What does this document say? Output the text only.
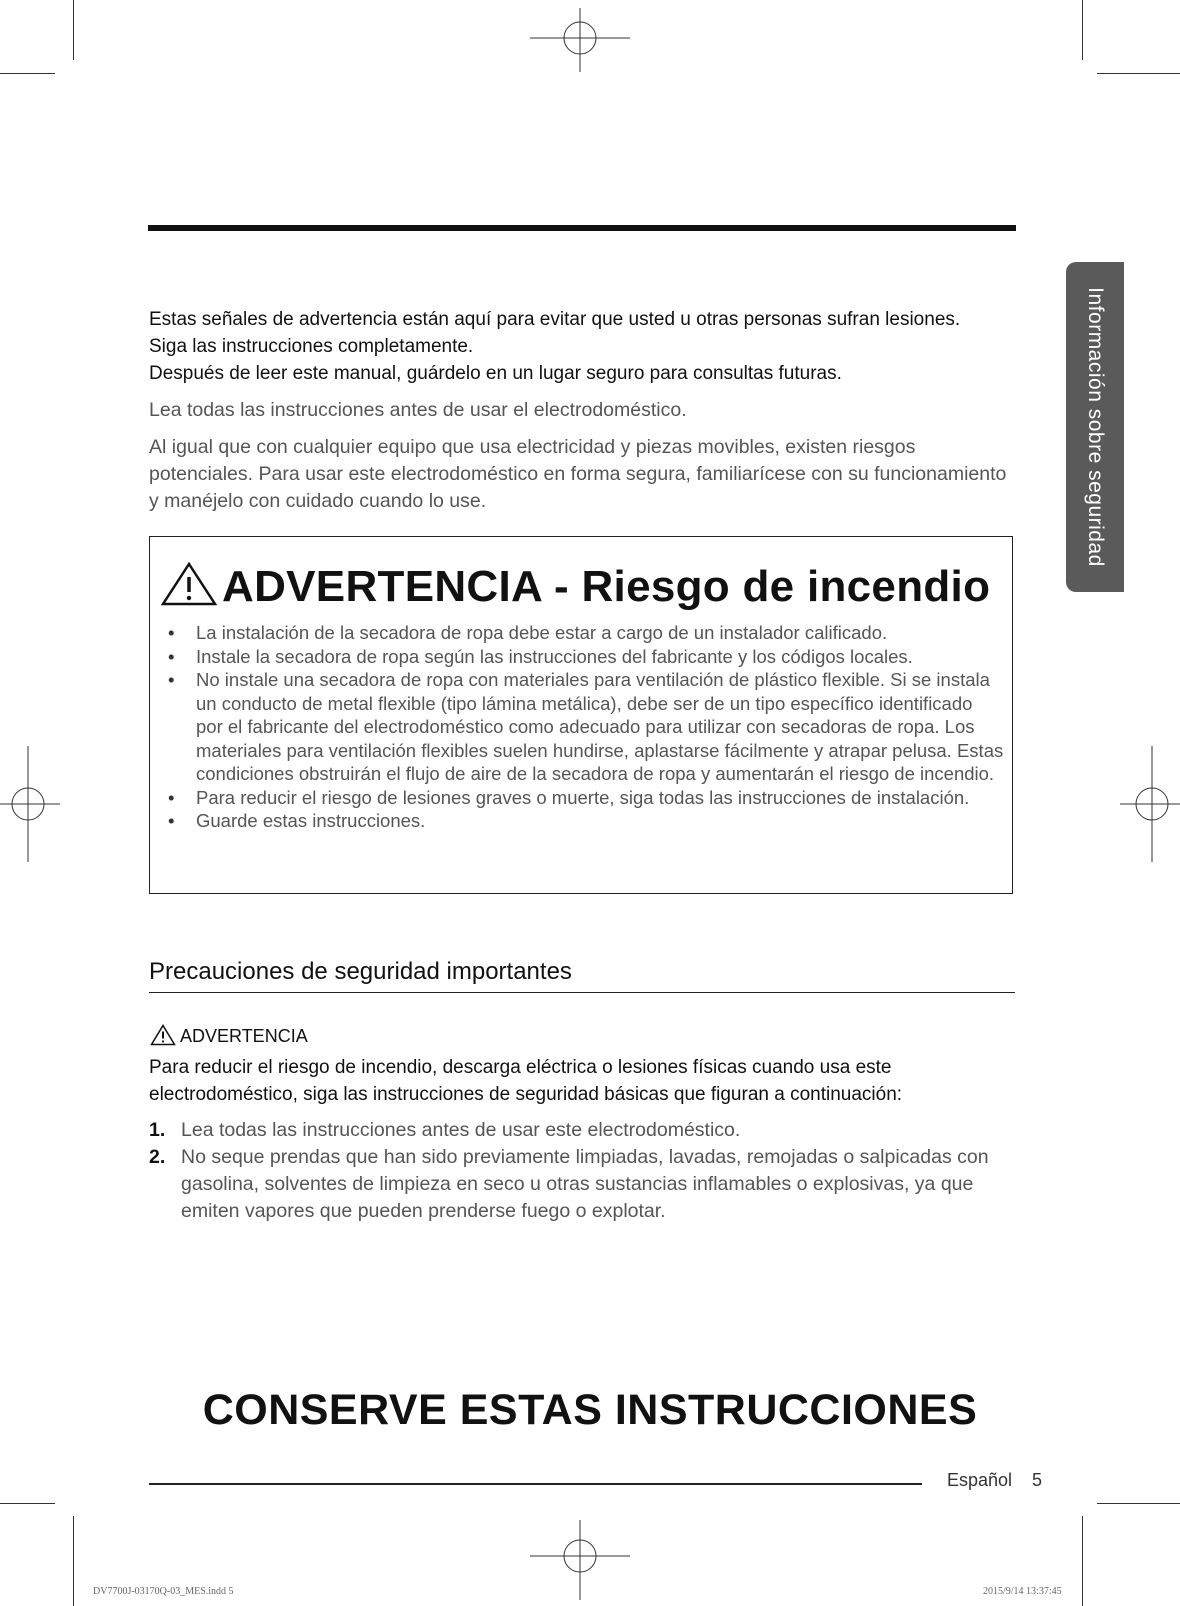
Información sobre seguridad

Estas señales de advertencia están aquí para evitar que usted u otras personas sufran lesiones.

Siga las instrucciones completamente.

Después de leer este manual, guárdelo en un lugar seguro para consultas futuras.

Lea todas las instrucciones antes de usar el electrodoméstico.

Al igual que con cualquier equipo que usa electricidad y piezas movibles, existen riesgos potenciales. Para usar este electrodoméstico en forma segura, familiarícese con su funcionamiento y manéjelo con cuidado cuando lo use.

ADVERTENCIA - Riesgo de incendio
• La instalación de la secadora de ropa debe estar a cargo de un instalador calificado.
• Instale la secadora de ropa según las instrucciones del fabricante y los códigos locales.
• No instale una secadora de ropa con materiales para ventilación de plástico flexible. Si se instala un conducto de metal flexible (tipo lámina metálica), debe ser de un tipo específico identificado por el fabricante del electrodoméstico como adecuado para utilizar con secadoras de ropa. Los materiales para ventilación flexibles suelen hundirse, aplastarse fácilmente y atrapar pelusa. Estas condiciones obstruirán el flujo de aire de la secadora de ropa y aumentarán el riesgo de incendio.
• Para reducir el riesgo de lesiones graves o muerte, siga todas las instrucciones de instalación.
• Guarde estas instrucciones.
Precauciones de seguridad importantes
ADVERTENCIA

Para reducir el riesgo de incendio, descarga eléctrica o lesiones físicas cuando usa este electrodoméstico, siga las instrucciones de seguridad básicas que figuran a continuación:

1. Lea todas las instrucciones antes de usar este electrodoméstico.
2. No seque prendas que han sido previamente limpiadas, lavadas, remojadas o salpicadas con gasolina, solventes de limpieza en seco u otras sustancias inflamables o explosivas, ya que emiten vapores que pueden prenderse fuego o explotar.
CONSERVE ESTAS INSTRUCCIONES
Español 5
DV7700J-03170Q-03_MES.indd 5	2015/9/14 13:37:45
